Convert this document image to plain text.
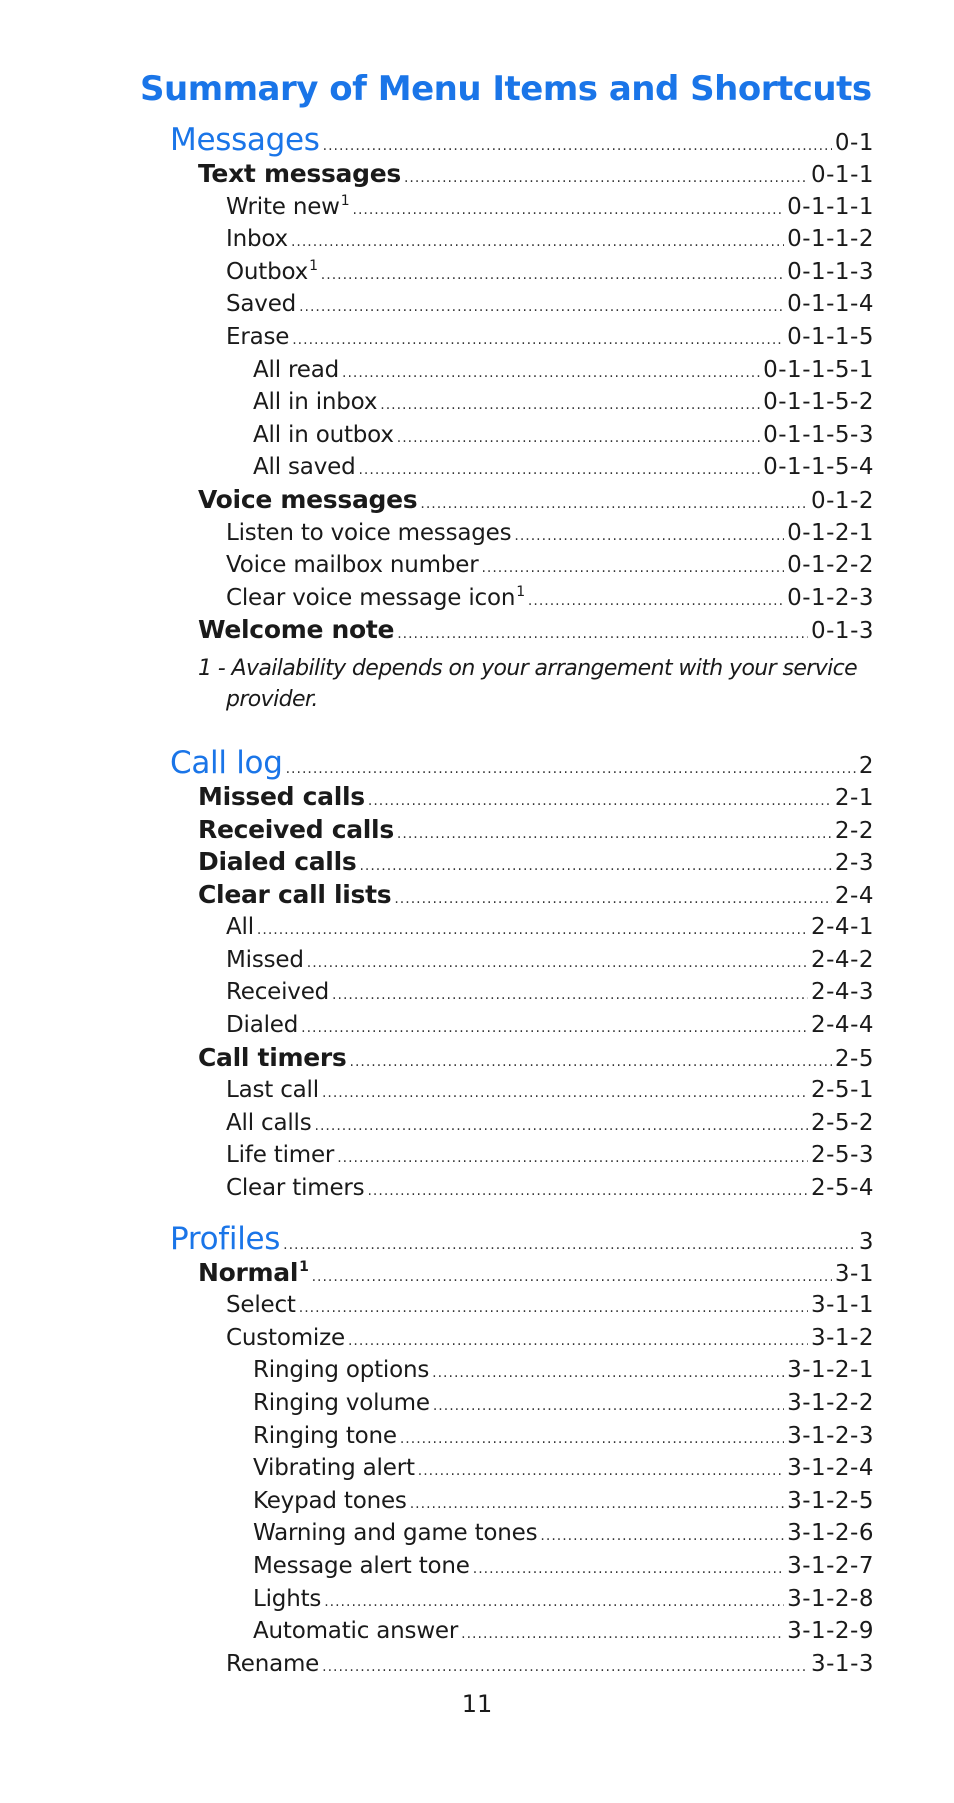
Summary of Menu Items and Shortcuts
Messages .....	0-1
Text messages .....	0-1-1
Write new$^1$ .....	0-1-1-1
Inbox .....	0-1-1-2
Outbox$^1$ .....	0-1-1-3
Saved .....	0-1-1-4
Erase .....	0-1-1-5
All read .....	0-1-1-5-1
All in inbox .....	0-1-1-5-2
All in outbox .....	0-1-1-5-3
All saved .....	0-1-1-5-4
Voice messages .....	0-1-2
Listen to voice messages .....	0-1-2-1
Voice mailbox number .....	0-1-2-2
Clear voice message icon$^1$ .....	0-1-2-3
Welcome note .....	0-1-3
1 - Availability depends on your arrangement with your service provider.
Call log .....	2
Missed calls .....	2-1
Received calls .....	2-2
Dialed calls .....	2-3
Clear call lists .....	2-4
All .....	2-4-1
Missed .....	2-4-2
Received .....	2-4-3
Dialed .....	2-4-4
Call timers .....	2-5
Last call .....	2-5-1
All calls .....	2-5-2
Life timer .....	2-5-3
Clear timers .....	2-5-4
Profiles .....	3
Normal$^1$ .....	3-1
Select .....	3-1-1
Customize .....	3-1-2
Ringing options .....	3-1-2-1
Ringing volume .....	3-1-2-2
Ringing tone .....	3-1-2-3
Vibrating alert .....	3-1-2-4
Keypad tones .....	3-1-2-5
Warning and game tones .....	3-1-2-6
Message alert tone .....	3-1-2-7
Lights .....	3-1-2-8
Automatic answer .....	3-1-2-9
Rename .....	3-1-3
11
